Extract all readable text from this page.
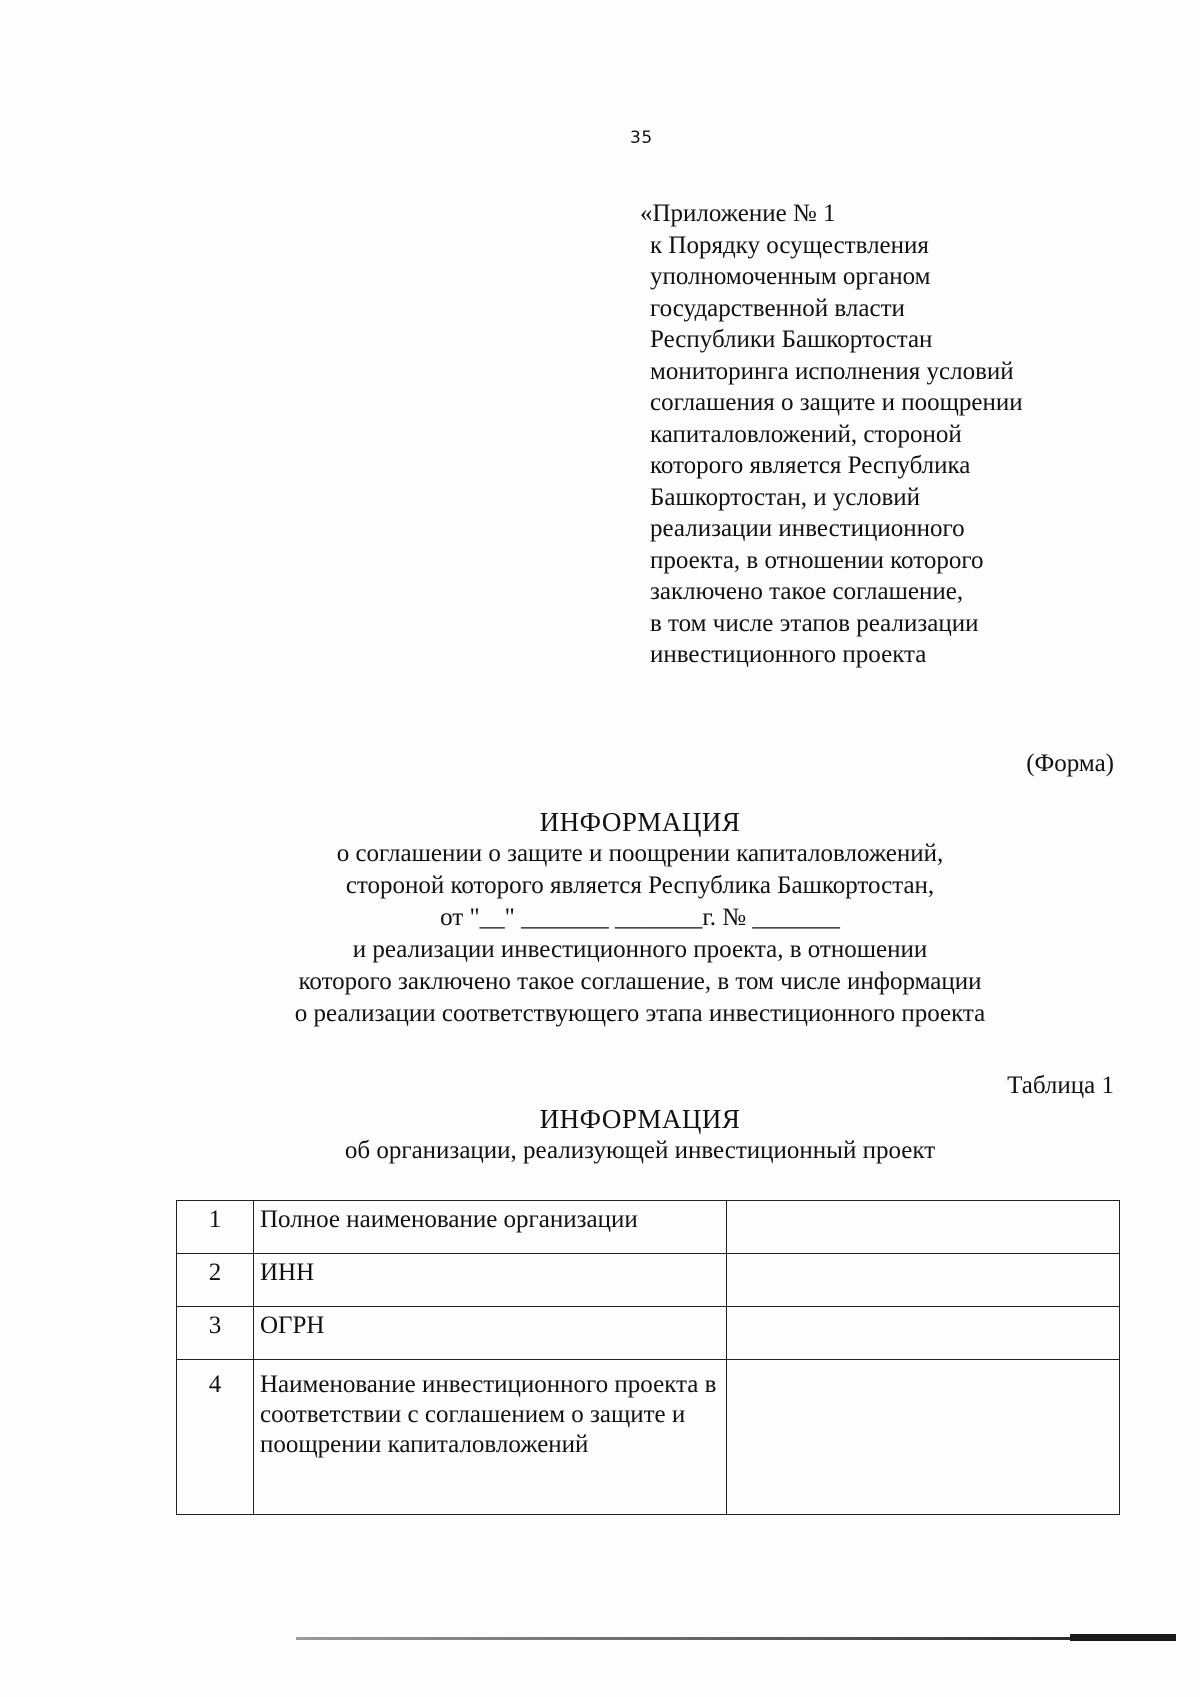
35
«Приложение № 1
к Порядку осуществления
уполномоченным органом
государственной власти
Республики Башкортостан
мониторинга исполнения условий
соглашения о защите и поощрении
капиталовложений, стороной
которого является Республика
Башкортостан, и условий
реализации инвестиционного
проекта, в отношении которого
заключено такое соглашение,
в том числе этапов реализации
инвестиционного проекта
(Форма)
ИНФОРМАЦИЯ
о соглашении о защите и поощрении капиталовложений,
стороной которого является Республика Башкортостан,
от "__" _______ _______г. № _______
и реализации инвестиционного проекта, в отношении
которого заключено такое соглашение, в том числе информации
о реализации соответствующего этапа инвестиционного проекта
Таблица 1
ИНФОРМАЦИЯ
об организации, реализующей инвестиционный проект
1	Полное наименование организации	
2	ИНН	
3	ОГРН	
4	Наименование инвестиционного проекта в соответствии с соглашением о защите и поощрении капиталовложений	
